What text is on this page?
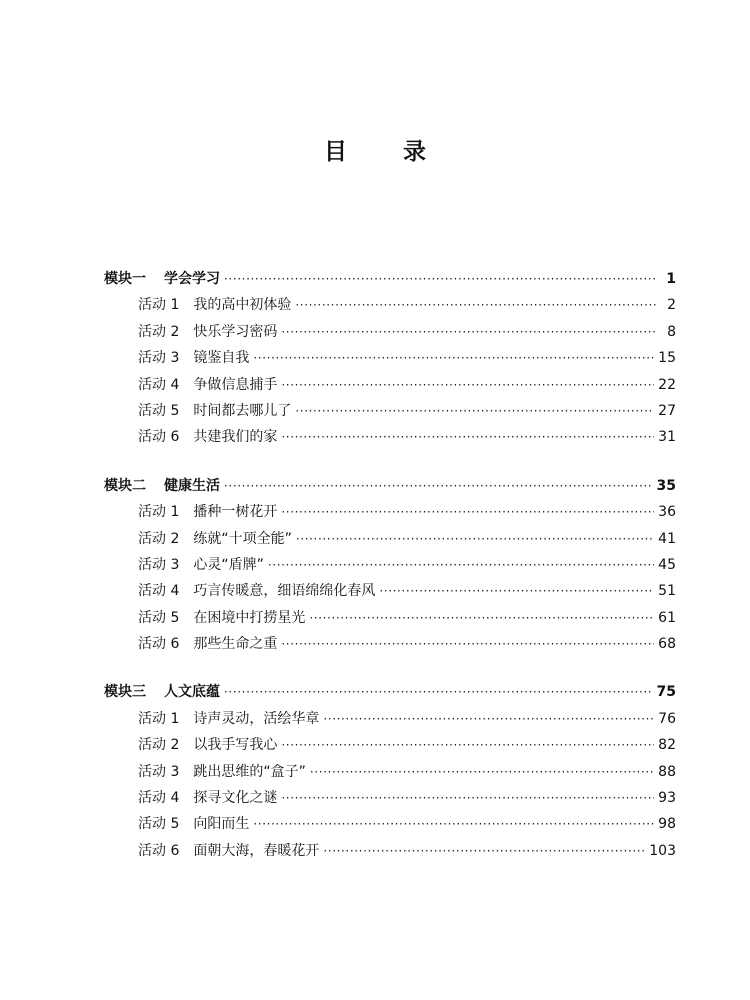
目 录
模块一 学会学习 ·····	1
活动 1 我的高中初体验 ·····	2
活动 2 快乐学习密码 ·····	8
活动 3 镜鉴自我 ·····	15
活动 4 争做信息捕手 ·····	22
活动 5 时间都去哪儿了 ·····	27
活动 6 共建我们的家 ·····	31
模块二 健康生活 ·····	35
活动 1 播种一树花开 ·····	36
活动 2 练就“十项全能” ·····	41
活动 3 心灵“盾牌” ·····	45
活动 4 巧言传暖意，细语绵绵化春风 ·····	51
活动 5 在困境中打捞星光 ·····	61
活动 6 那些生命之重 ·····	68
模块三 人文底蕴 ·····	75
活动 1 诗声灵动，活绘华章 ·····	76
活动 2 以我手写我心 ·····	82
活动 3 跳出思维的“盒子” ·····	88
活动 4 探寻文化之谜 ·····	93
活动 5 向阳而生 ·····	98
活动 6 面朝大海，春暖花开 ·····	103
